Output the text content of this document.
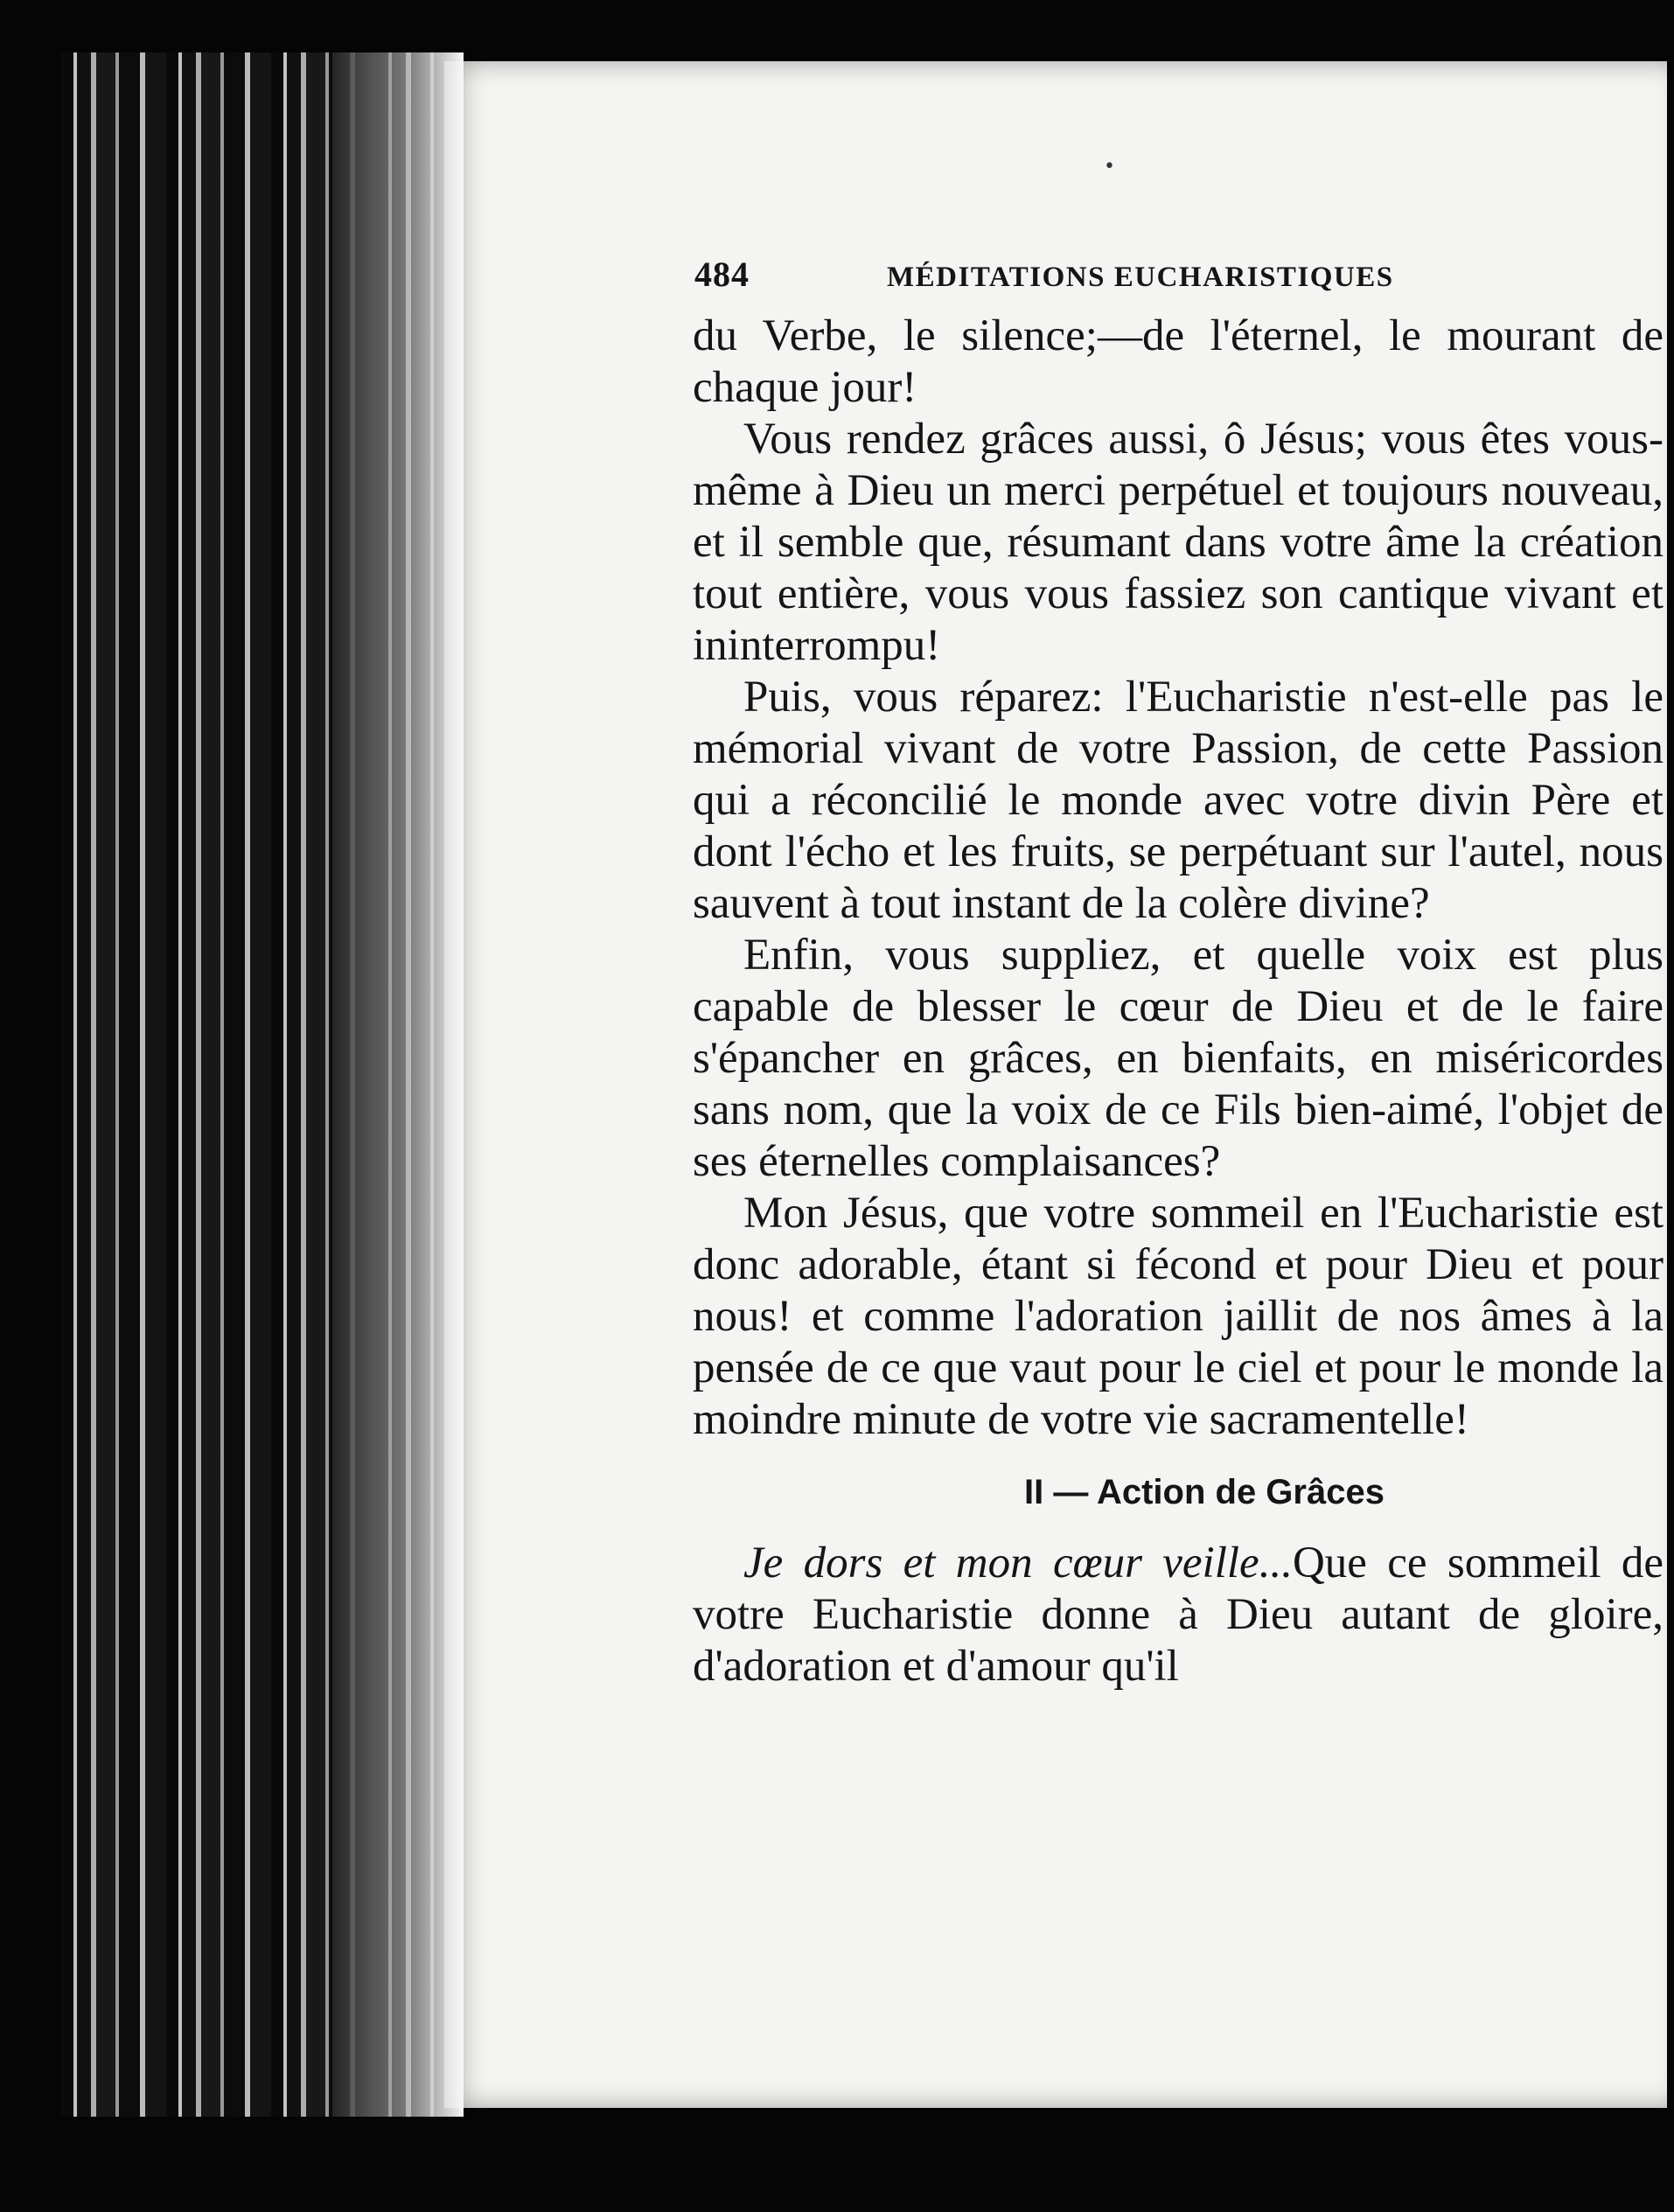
•
484	MÉDITATIONS EUCHARISTIQUES

du Verbe, le silence;—de l'éternel, le mourant de chaque jour!

Vous rendez grâces aussi, ô Jésus; vous êtes vous-même à Dieu un merci perpétuel et toujours nouveau, et il semble que, résumant dans votre âme la création tout entière, vous vous fassiez son cantique vivant et ininterrompu!

Puis, vous réparez: l'Eucharistie n'est-elle pas le mémorial vivant de votre Passion, de cette Passion qui a réconcilié le monde avec votre divin Père et dont l'écho et les fruits, se perpétuant sur l'autel, nous sauvent à tout instant de la colère divine?

Enfin, vous suppliez, et quelle voix est plus capable de blesser le cœur de Dieu et de le faire s'épancher en grâces, en bienfaits, en miséricordes sans nom, que la voix de ce Fils bien-aimé, l'objet de ses éternelles complaisances?

Mon Jésus, que votre sommeil en l'Eucharistie est donc adorable, étant si fécond et pour Dieu et pour nous! et comme l'adoration jaillit de nos âmes à la pensée de ce que vaut pour le ciel et pour le monde la moindre minute de votre vie sacramentelle!

II — Action de Grâces

Je dors et mon cœur veille...Que ce sommeil de votre Eucharistie donne à Dieu autant de gloire, d'adoration et d'amour qu'il
